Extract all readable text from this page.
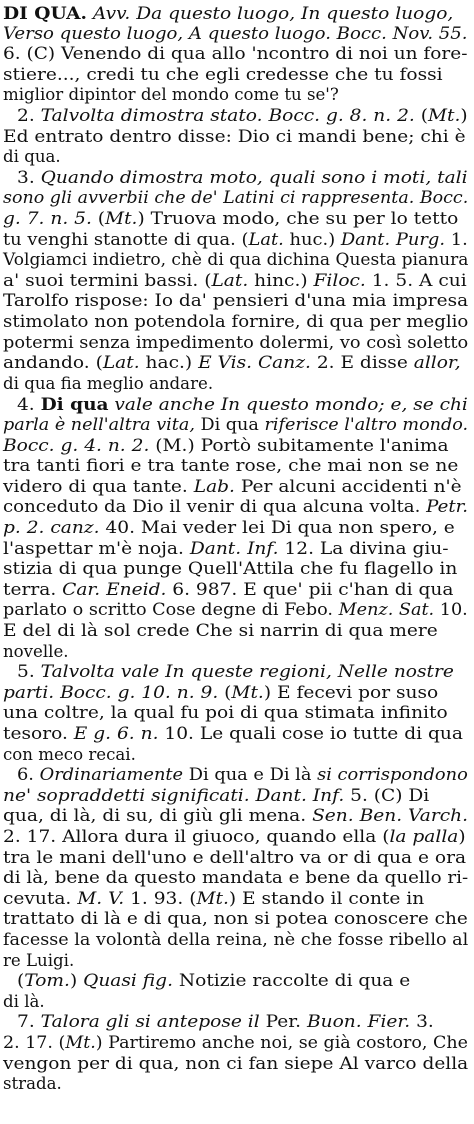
DI QUA. Avv. Da questo luogo, In questo luogo,
Verso questo luogo, A questo luogo. Bocc. Nov. 55.
6. (C) Venendo di qua allo 'ncontro di noi un fore-
stiere..., credi tu che egli credesse che tu fossi
miglior dipintor del mondo come tu se'?
2. Talvolta dimostra stato. Bocc. g. 8. n. 2. (Mt.)
Ed entrato dentro disse: Dio ci mandi bene; chi è
di qua.
3. Quando dimostra moto, quali sono i moti, tali
sono gli avverbii che de' Latini ci rappresenta. Bocc.
g. 7. n. 5. (Mt.) Truova modo, che su per lo tetto
tu venghi stanotte di qua. (Lat. huc.) Dant. Purg. 1.
Volgiamci indietro, chè di qua dichina Questa pianura
a' suoi termini bassi. (Lat. hinc.) Filoc. 1. 5. A cui
Tarolfo rispose: Io da' pensieri d'una mia impresa
stimolato non potendola fornire, di qua per meglio
potermi senza impedimento dolermi, vo così soletto
andando. (Lat. hac.) E Vis. Canz. 2. E disse allor,
di qua fia meglio andare.
4. Di qua vale anche In questo mondo; e, se chi
parla è nell'altra vita, Di qua riferisce l'altro mondo.
Bocc. g. 4. n. 2. (M.) Portò subitamente l'anima
tra tanti fiori e tra tante rose, che mai non se ne
videro di qua tante. Lab. Per alcuni accidenti n'è
conceduto da Dio il venir di qua alcuna volta. Petr.
p. 2. canz. 40. Mai veder lei Di qua non spero, e
l'aspettar m'è noja. Dant. Inf. 12. La divina giu-
stizia di qua punge Quell'Attila che fu flagello in
terra. Car. Eneid. 6. 987. E que' pii c'han di qua
parlato o scritto Cose degne di Febo. Menz. Sat. 10.
E del di là sol crede Che si narrin di qua mere
novelle.
5. Talvolta vale In queste regioni, Nelle nostre
parti. Bocc. g. 10. n. 9. (Mt.) E fecevi por suso
una coltre, la qual fu poi di qua stimata infinito
tesoro. E g. 6. n. 10. Le quali cose io tutte di qua
con meco recai.
6. Ordinariamente Di qua e Di là si corrispondono
ne' sopraddetti significati. Dant. Inf. 5. (C) Di
qua, di là, di su, di giù gli mena. Sen. Ben. Varch.
2. 17. Allora dura il giuoco, quando ella (la palla)
tra le mani dell'uno e dell'altro va or di qua e ora
di là, bene da questo mandata e bene da quello ri-
cevuta. M. V. 1. 93. (Mt.) E stando il conte in
trattato di là e di qua, non si potea conoscere che
facesse la volontà della reina, nè che fosse ribello al
re Luigi.
(Tom.) Quasi fig. Notizie raccolte di qua e
di là.
7. Talora gli si antepose il Per. Buon. Fier. 3.
2. 17. (Mt.) Partiremo anche noi, se già costoro, Che
vengon per di qua, non ci fan siepe Al varco della
strada.
